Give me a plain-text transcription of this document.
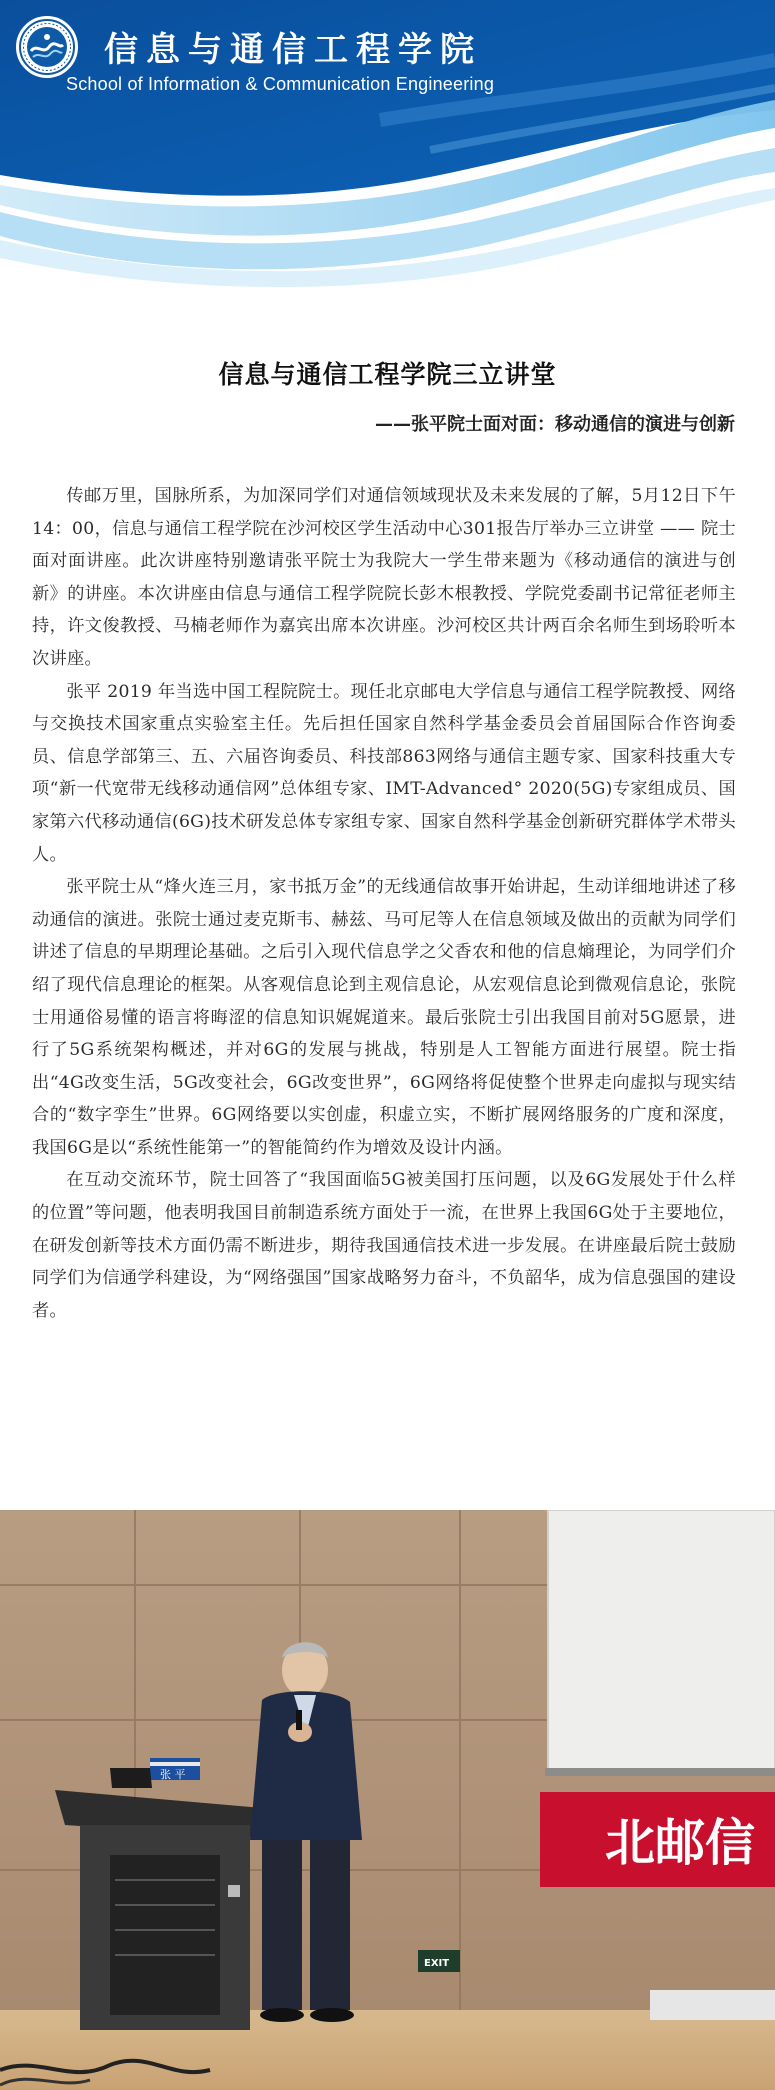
信息与通信工程学院
School of Information & Communication Engineering
信息与通信工程学院三立讲堂
——张平院士面对面：移动通信的演进与创新

传邮万里，国脉所系，为加深同学们对通信领域现状及未来发展的了解，5月12日下午14：00，信息与通信工程学院在沙河校区学生活动中心301报告厅举办三立讲堂 —— 院士面对面讲座。此次讲座特别邀请张平院士为我院大一学生带来题为《移动通信的演进与创新》的讲座。本次讲座由信息与通信工程学院院长彭木根教授、学院党委副书记常征老师主持，许文俊教授、马楠老师作为嘉宾出席本次讲座。沙河校区共计两百余名师生到场聆听本次讲座。

张平 2019 年当选中国工程院院士。现任北京邮电大学信息与通信工程学院教授、网络与交换技术国家重点实验室主任。先后担任国家自然科学基金委员会首届国际合作咨询委员、信息学部第三、五、六届咨询委员、科技部863网络与通信主题专家、国家科技重大专项“新一代宽带无线移动通信网”总体组专家、IMT-Advanced° 2020(5G)专家组成员、国家第六代移动通信(6G)技术研发总体专家组专家、国家自然科学基金创新研究群体学术带头人。

张平院士从“烽火连三月，家书抵万金”的无线通信故事开始讲起，生动详细地讲述了移动通信的演进。张院士通过麦克斯韦、赫兹、马可尼等人在信息领域及做出的贡献为同学们讲述了信息的早期理论基础。之后引入现代信息学之父香农和他的信息熵理论，为同学们介绍了现代信息理论的框架。从客观信息论到主观信息论，从宏观信息论到微观信息论，张院士用通俗易懂的语言将晦涩的信息知识娓娓道来。最后张院士引出我国目前对5G愿景，进行了5G系统架构概述，并对6G的发展与挑战，特别是人工智能方面进行展望。院士指出“4G改变生活，5G改变社会，6G改变世界”，6G网络将促使整个世界走向虚拟与现实结合的“数字孪生”世界。6G网络要以实创虚，积虚立实，不断扩展网络服务的广度和深度，我国6G是以“系统性能第一”的智能简约作为增效及设计内涵。

在互动交流环节，院士回答了“我国面临5G被美国打压问题，以及6G发展处于什么样的位置”等问题，他表明我国目前制造系统方面处于一流，在世界上我国6G处于主要地位，在研发创新等技术方面仍需不断进步，期待我国通信技术进一步发展。在讲座最后院士鼓励同学们为信通学科建设，为“网络强国”国家战略努力奋斗，不负韶华，成为信息强国的建设者。

北邮信
EXIT
张 平
